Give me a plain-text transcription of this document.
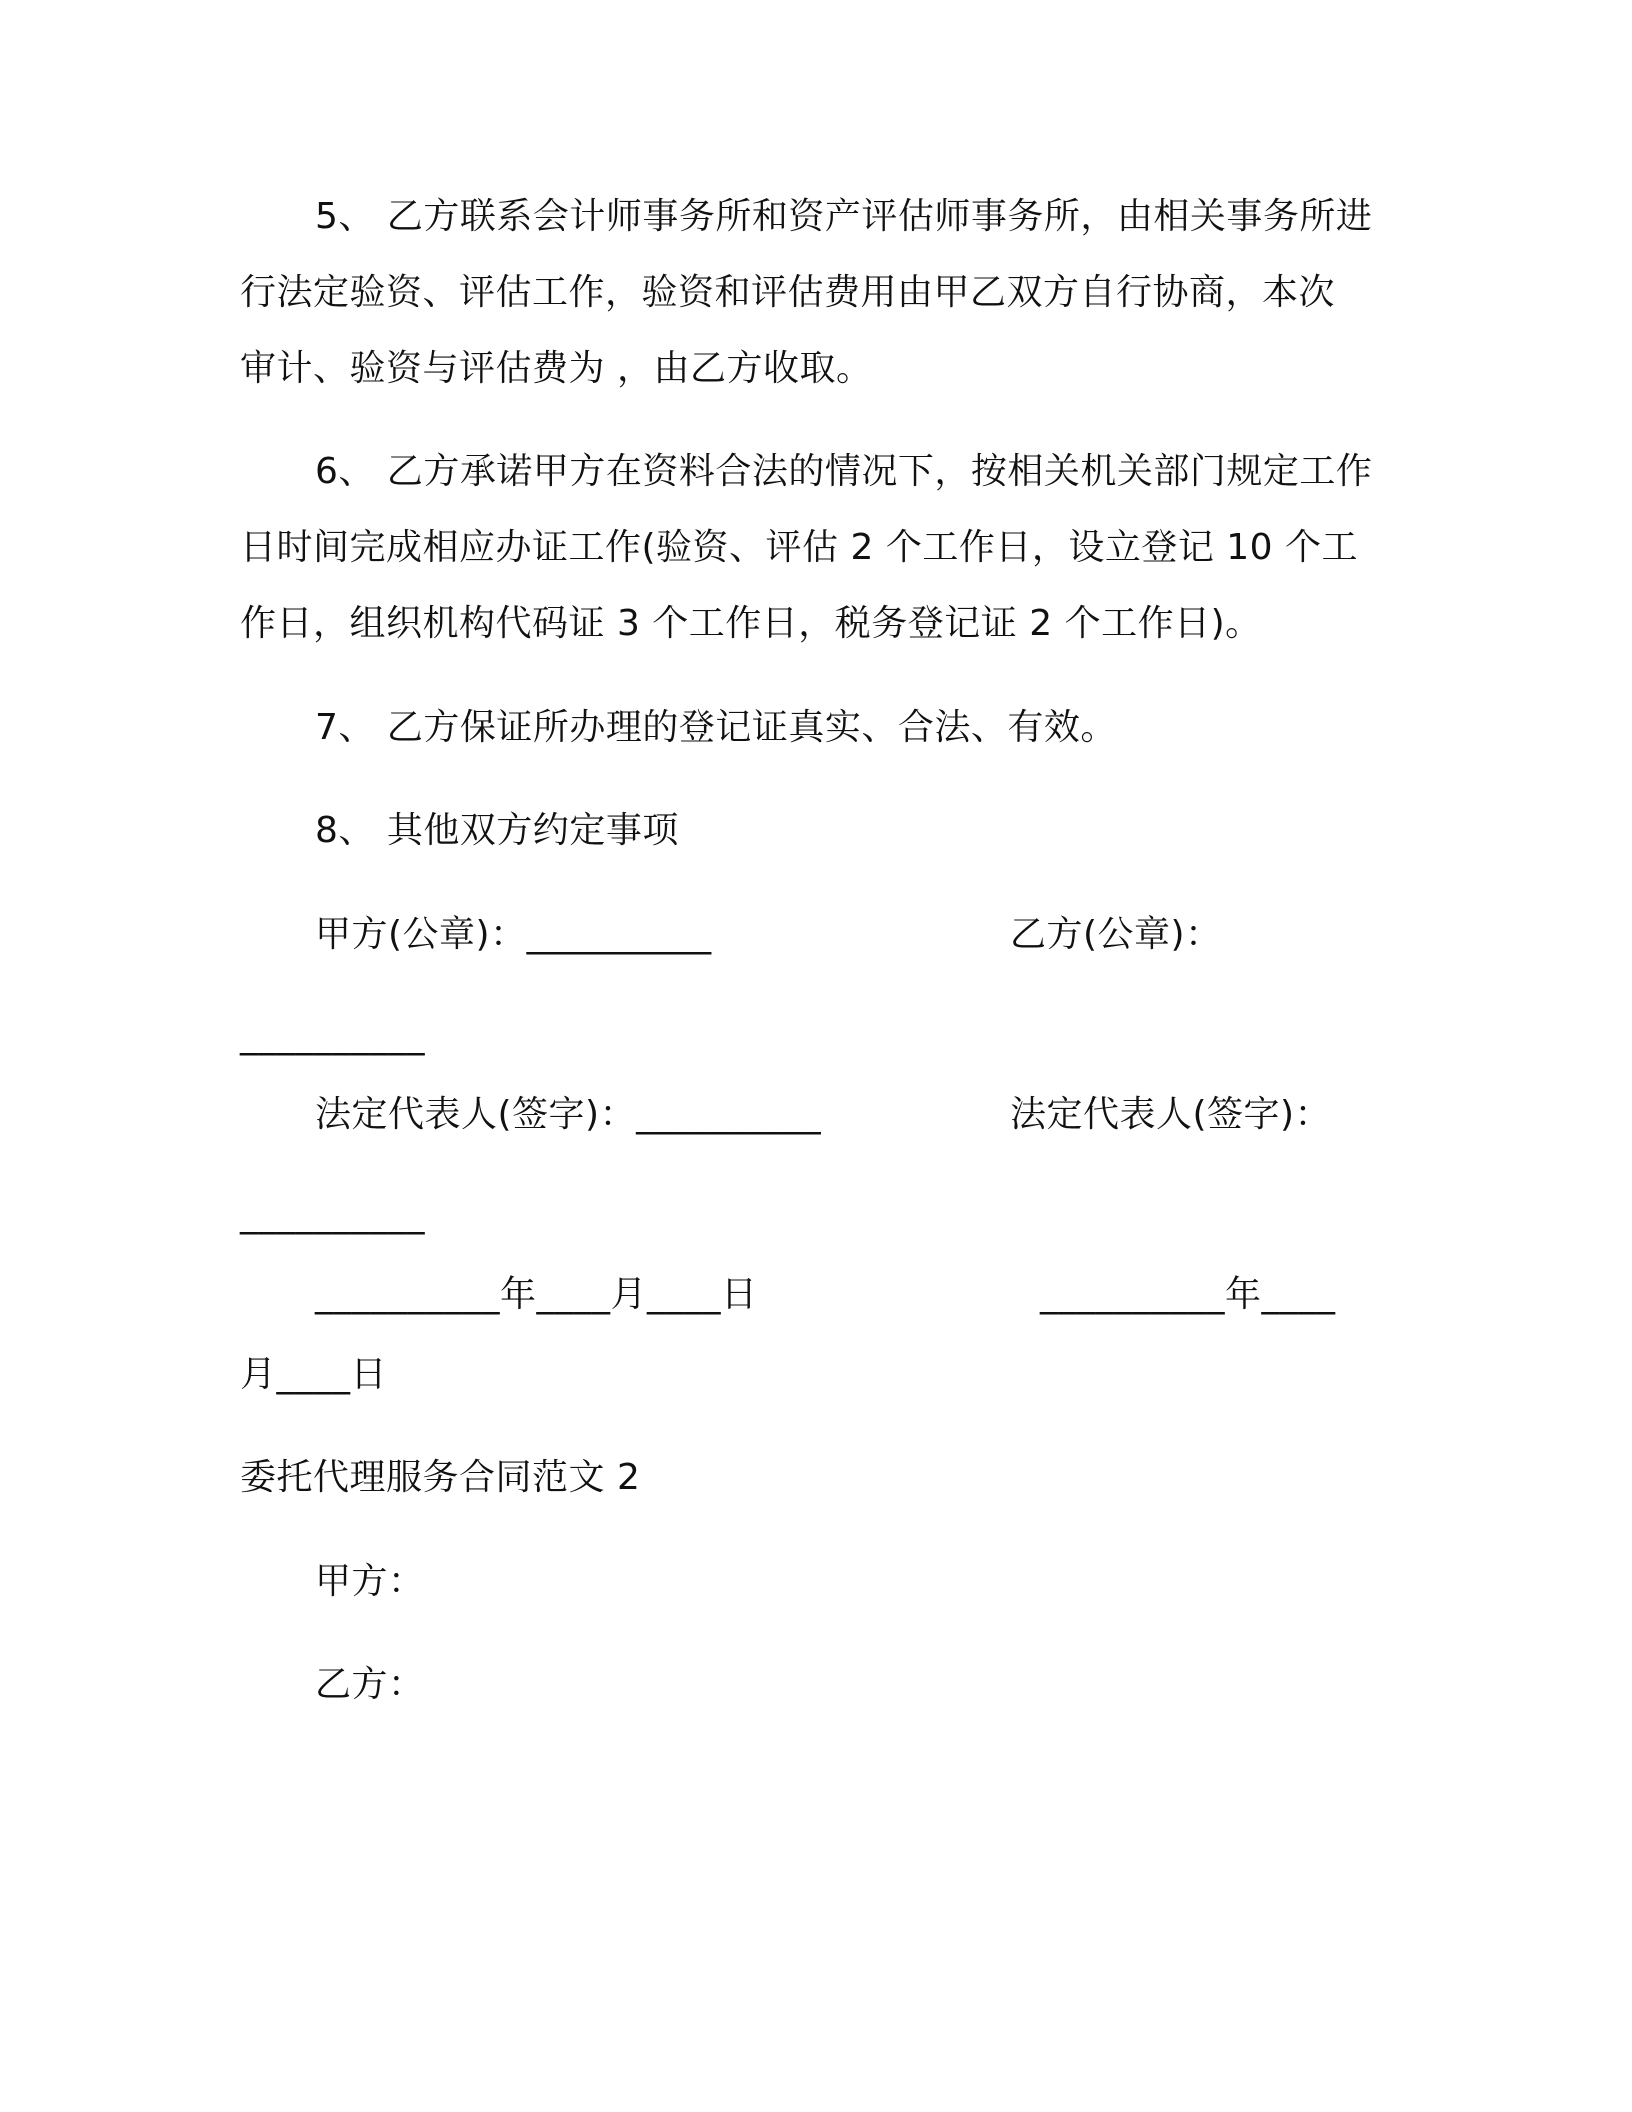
5、 乙方联系会计师事务所和资产评估师事务所，由相关事务所进
行法定验资、评估工作，验资和评估费用由甲乙双方自行协商，本次
审计、验资与评估费为 ，由乙方收取。
6、 乙方承诺甲方在资料合法的情况下，按相关机关部门规定工作
日时间完成相应办证工作(验资、评估 2 个工作日，设立登记 10 个工
作日，组织机构代码证 3 个工作日，税务登记证 2 个工作日)。
7、 乙方保证所办理的登记证真实、合法、有效。
8、 其他双方约定事项
甲方(公章)：__________	乙方(公章)：
__________
法定代表人(签字)：__________	法定代表人(签字)：
__________
__________年____月____日	__________年____
月____日
委托代理服务合同范文 2
甲方：
乙方：
